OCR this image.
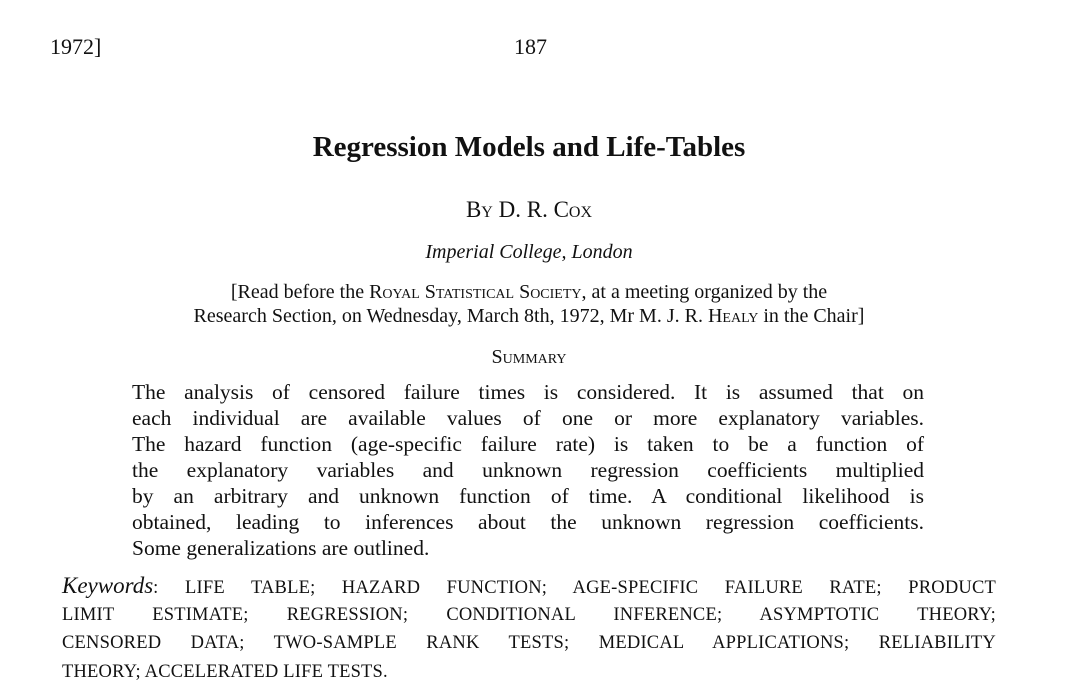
1972]	187
Regression Models and Life-Tables
By D. R. Cox
Imperial College, London
[Read before the Royal Statistical Society, at a meeting organized by the
Research Section, on Wednesday, March 8th, 1972, Mr M. J. R. Healy in the Chair]
Summary
The analysis of censored failure times is considered. It is assumed that on
each individual are available values of one or more explanatory variables.
The hazard function (age-specific failure rate) is taken to be a function of
the explanatory variables and unknown regression coefficients multiplied
by an arbitrary and unknown function of time. A conditional likelihood is
obtained, leading to inferences about the unknown regression coefficients.
Some generalizations are outlined.
Keywords: LIFE TABLE; HAZARD FUNCTION; AGE-SPECIFIC FAILURE RATE; PRODUCT
LIMIT ESTIMATE; REGRESSION; CONDITIONAL INFERENCE; ASYMPTOTIC THEORY;
CENSORED DATA; TWO-SAMPLE RANK TESTS; MEDICAL APPLICATIONS; RELIABILITY
THEORY; ACCELERATED LIFE TESTS.
